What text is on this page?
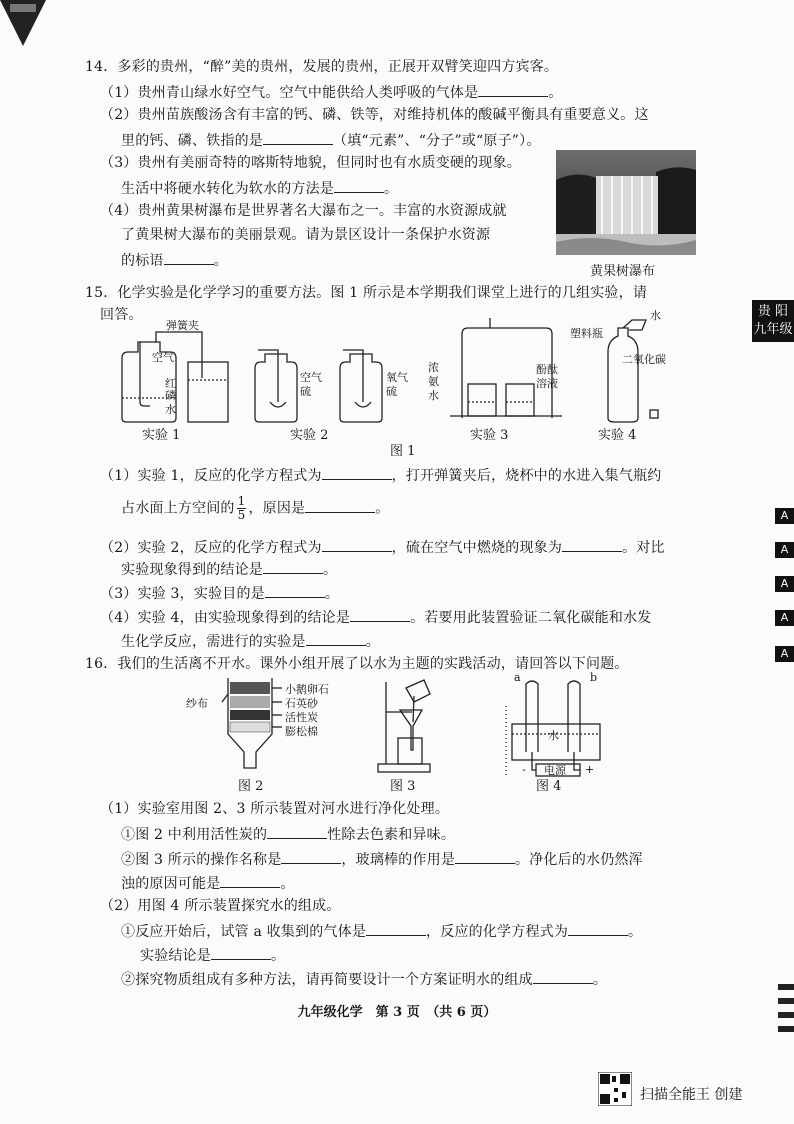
14．多彩的贵州，“醉”美的贵州，发展的贵州，正展开双臂笑迎四方宾客。
（1）贵州青山绿水好空气。空气中能供给人类呼吸的气体是	。
（2）贵州苗族酸汤含有丰富的钙、磷、铁等，对维持机体的酸碱平衡具有重要意义。这
里的钙、磷、铁指的是	（填“元素”、“分子”或“原子”）。
（3）贵州有美丽奇特的喀斯特地貌，但同时也有水质变硬的现象。
生活中将硬水转化为软水的方法是	。
（4）贵州黄果树瀑布是世界著名大瀑布之一。丰富的水资源成就
了黄果树大瀑布的美丽景观。请为景区设计一条保护水资源
的标语	。
黄果树瀑布
15．化学实验是化学学习的重要方法。图 1 所示是本学期我们课堂上进行的几组实验，请
回答。
弹簧夹
空气
红
磷
水
实验 1
空气
硫
实验 2
氧气
硫
浓
氨
水
酚酞
溶液
实验 3
塑料瓶
水
二氧化碳
实验 4
图 1
（1）实验 1，反应的化学方程式为	，打开弹簧夹后，烧杯中的水进入集气瓶约
占水面上方空间的 $\frac{1}{5}$ ，原因是	。
（2）实验 2，反应的化学方程式为	，硫在空气中燃烧的现象为	。对比
实验现象得到的结论是	。
（3）实验 3，实验目的是	。
（4）实验 4，由实验现象得到的结论是	。若要用此装置验证二氧化碳能和水发
生化学反应，需进行的实验是	。
16．我们的生活离不开水。课外小组开展了以水为主题的实践活动，请回答以下问题。
纱布
小鹅卵石
石英砂
活性炭
膨松棉
图 2	图 3
a	b
水
电源
-	+
图 4
（1）实验室用图 2、3 所示装置对河水进行净化处理。
①图 2 中利用活性炭的	性除去色素和异味。
②图 3 所示的操作名称是	，玻璃棒的作用是	。净化后的水仍然浑
浊的原因可能是	。
（2）用图 4 所示装置探究水的组成。
①反应开始后，试管 a 收集到的气体是	，反应的化学方程式为	。
实验结论是	。
②探究物质组成有多种方法，请再简要设计一个方案证明水的组成	。
九年级化学　第 3 页　（共 6 页）
贵 阳
九年级
A
A
A
A
A
扫描全能王 创建
